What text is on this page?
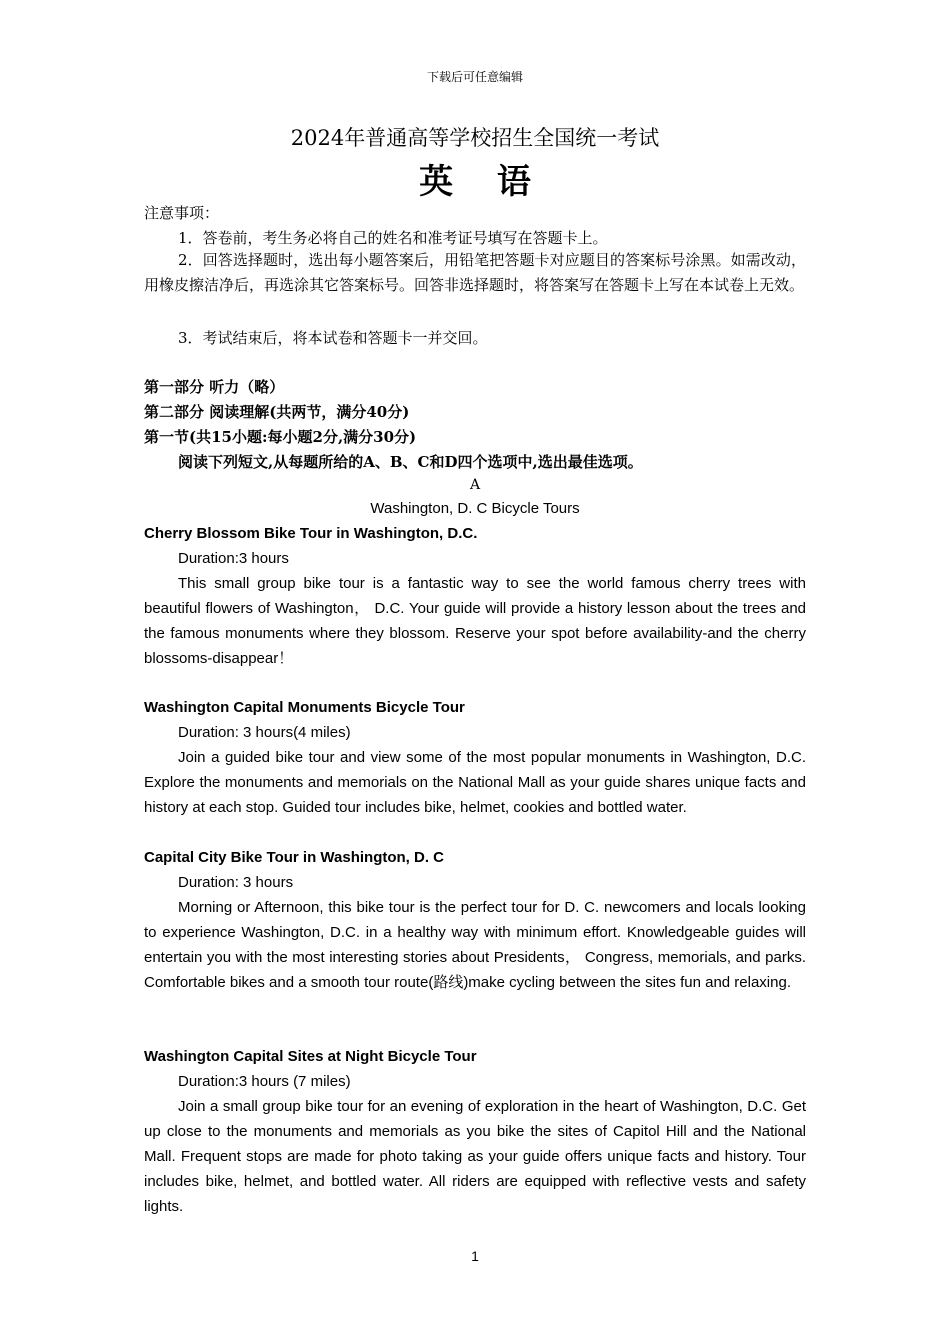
下载后可任意编辑
2024年普通高等学校招生全国统一考试
英 语
注意事项：
1．答卷前，考生务必将自己的姓名和准考证号填写在答题卡上。
2．回答选择题时，选出每小题答案后，用铅笔把答题卡对应题目的答案标号涂黑。如需改动，用橡皮擦洁净后，再选涂其它答案标号。回答非选择题时，将答案写在答题卡上写在本试卷上无效。
3．考试结束后，将本试卷和答题卡一并交回。
第一部分 听力（略）
第二部分 阅读理解(共两节，满分40分)
第一节(共15小题:每小题2分,满分30分)
阅读下列短文,从每题所给的A、B、C和D四个选项中,选出最佳选项。
A
Washington, D. C Bicycle Tours
Cherry Blossom Bike Tour in Washington, D.C.
Duration:3 hours
This small group bike tour is a fantastic way to see the world famous cherry trees with beautiful flowers of Washington， D.C. Your guide will provide a history lesson about the trees and the famous monuments where they blossom. Reserve your spot before availability-and the cherry blossoms-disappear！
Washington Capital Monuments Bicycle Tour
Duration: 3 hours(4 miles)
Join a guided bike tour and view some of the most popular monuments in Washington, D.C. Explore the monuments and memorials on the National Mall as your guide shares unique facts and history at each stop. Guided tour includes bike, helmet, cookies and bottled water.
Capital City Bike Tour in Washington, D. C
Duration: 3 hours
Morning or Afternoon, this bike tour is the perfect tour for D. C. newcomers and locals looking to experience Washington, D.C. in a healthy way with minimum effort. Knowledgeable guides will entertain you with the most interesting stories about Presidents， Congress, memorials, and parks. Comfortable bikes and a smooth tour route(路线)make cycling between the sites fun and relaxing.
Washington Capital Sites at Night Bicycle Tour
Duration:3 hours (7 miles)
Join a small group bike tour for an evening of exploration in the heart of Washington, D.C. Get up close to the monuments and memorials as you bike the sites of Capitol Hill and the National Mall. Frequent stops are made for photo taking as your guide offers unique facts and history. Tour includes bike, helmet, and bottled water. All riders are equipped with reflective vests and safety lights.
1
